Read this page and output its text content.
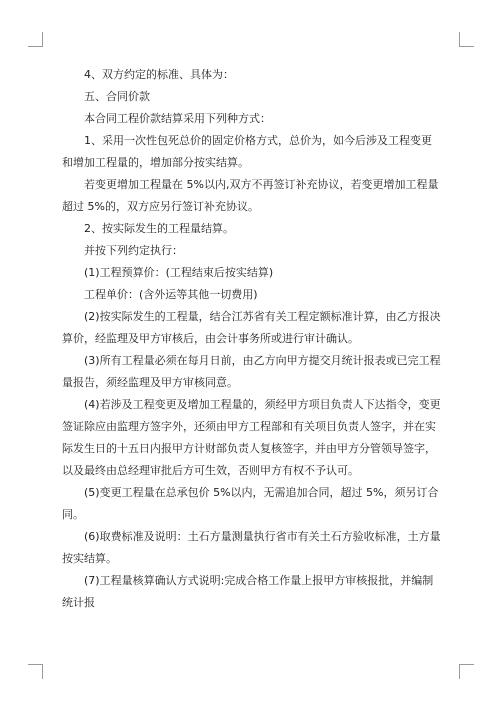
4、双方约定的标准、具体为：

五、合同价款

本合同工程价款结算采用下列种方式：

1、采用一次性包死总价的固定价格方式，总价为，如今后涉及工程变更和增加工程量的，增加部分按实结算。

若变更增加工程量在 5%以内,双方不再签订补充协议，若变更增加工程量超过 5%的，双方应另行签订补充协议。

2、按实际发生的工程量结算。

并按下列约定执行：

(1)工程预算价：(工程结束后按实结算)

工程单价：(含外运等其他一切费用)

(2)按实际发生的工程量，结合江苏省有关工程定额标准计算，由乙方报决算价，经监理及甲方审核后，由会计事务所或进行审计确认。

(3)所有工程量必须在每月日前，由乙方向甲方提交月统计报表或已完工程量报告，须经监理及甲方审核同意。

(4)若涉及工程变更及增加工程量的，须经甲方项目负责人下达指令，变更签证除应由监理方签字外，还须由甲方工程部和有关项目负责人签字，并在实际发生日的十五日内报甲方计财部负责人复核签字，并由甲方分管领导签字，以及最终由总经理审批后方可生效，否则甲方有权不予认可。

(5)变更工程量在总承包价 5%以内，无需追加合同，超过 5%，须另订合同。

(6)取费标准及说明：土石方量测量执行省市有关土石方验收标准，土方量按实结算。

(7)工程量核算确认方式说明:完成合格工作量上报甲方审核报批，并编制统计报
